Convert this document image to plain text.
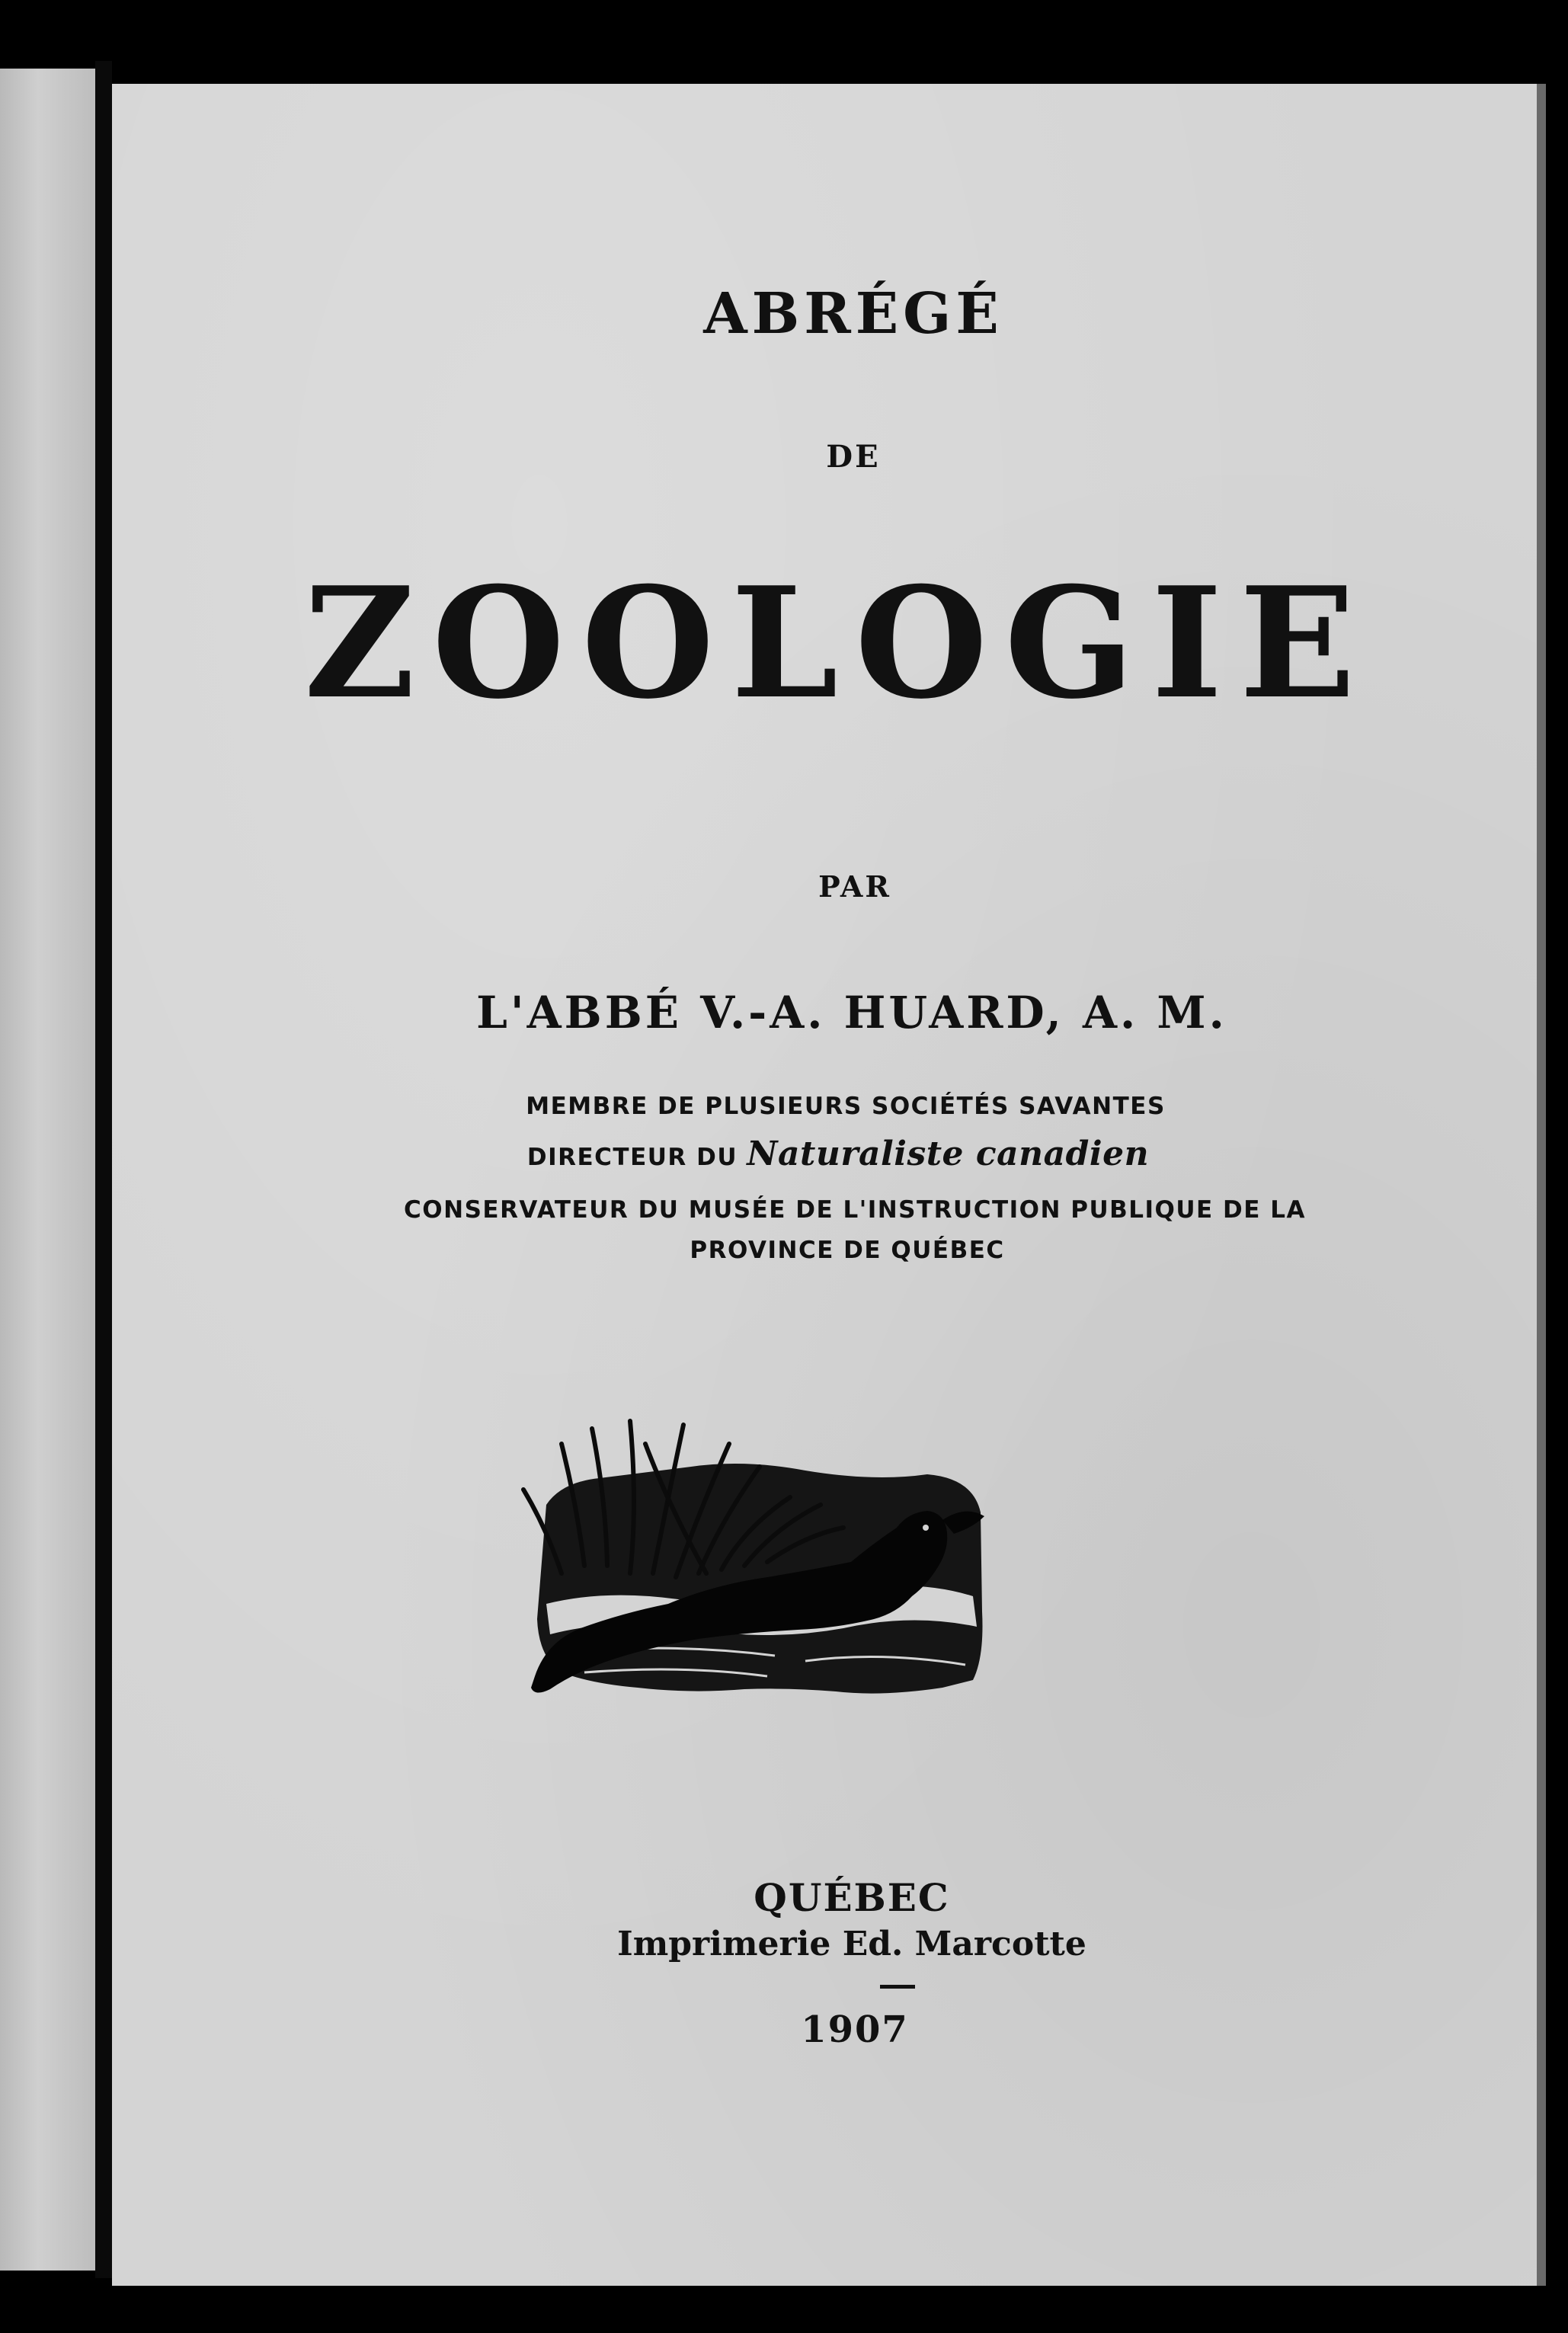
ABRÉGÉ

DE

ZOOLOGIE

PAR

L'ABBÉ V.-A. HUARD, A. M.

MEMBRE DE PLUSIEURS SOCIÉTÉS SAVANTES

DIRECTEUR DU Naturaliste canadien

CONSERVATEUR DU MUSÉE DE L'INSTRUCTION PUBLIQUE DE LA

PROVINCE DE QUÉBEC

QUÉBEC

Imprimerie Ed. Marcotte

1907
